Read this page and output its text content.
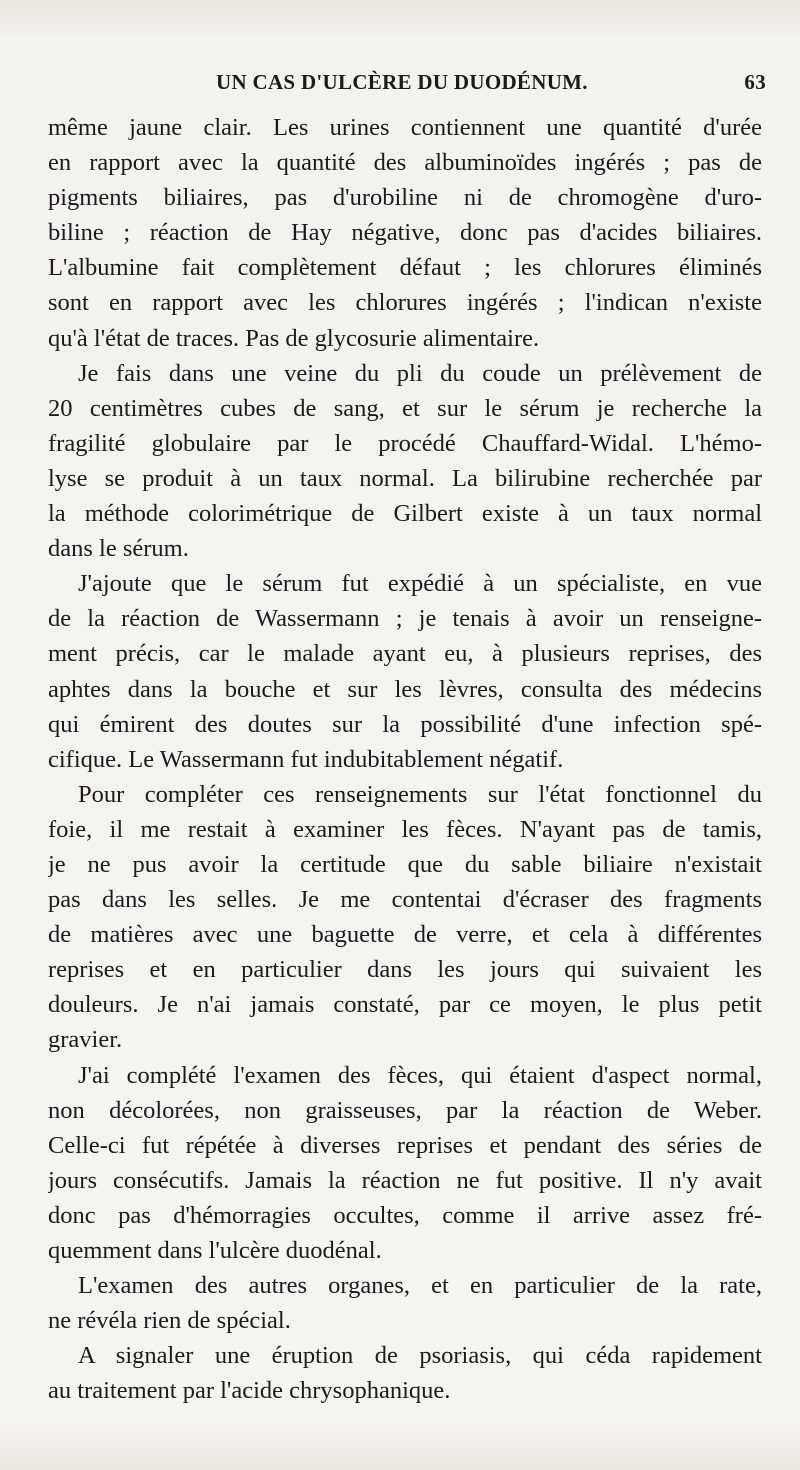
UN CAS D'ULCÈRE DU DUODÉNUM.	63
même jaune clair. Les urines contiennent une quantité d'urée
en rapport avec la quantité des albuminoïdes ingérés ; pas de
pigments biliaires, pas d'urobiline ni de chromogène d'uro-
biline ; réaction de Hay négative, donc pas d'acides biliaires.
L'albumine fait complètement défaut ; les chlorures éliminés
sont en rapport avec les chlorures ingérés ; l'indican n'existe
qu'à l'état de traces. Pas de glycosurie alimentaire.
Je fais dans une veine du pli du coude un prélèvement de
20 centimètres cubes de sang, et sur le sérum je recherche la
fragilité globulaire par le procédé Chauffard-Widal. L'hémo-
lyse se produit à un taux normal. La bilirubine recherchée par
la méthode colorimétrique de Gilbert existe à un taux normal
dans le sérum.
J'ajoute que le sérum fut expédié à un spécialiste, en vue
de la réaction de Wassermann ; je tenais à avoir un renseigne-
ment précis, car le malade ayant eu, à plusieurs reprises, des
aphtes dans la bouche et sur les lèvres, consulta des médecins
qui émirent des doutes sur la possibilité d'une infection spé-
cifique. Le Wassermann fut indubitablement négatif.
Pour compléter ces renseignements sur l'état fonctionnel du
foie, il me restait à examiner les fèces. N'ayant pas de tamis,
je ne pus avoir la certitude que du sable biliaire n'existait
pas dans les selles. Je me contentai d'écraser des fragments
de matières avec une baguette de verre, et cela à différentes
reprises et en particulier dans les jours qui suivaient les
douleurs. Je n'ai jamais constaté, par ce moyen, le plus petit
gravier.
J'ai complété l'examen des fèces, qui étaient d'aspect normal,
non décolorées, non graisseuses, par la réaction de Weber.
Celle-ci fut répétée à diverses reprises et pendant des séries de
jours consécutifs. Jamais la réaction ne fut positive. Il n'y avait
donc pas d'hémorragies occultes, comme il arrive assez fré-
quemment dans l'ulcère duodénal.
L'examen des autres organes, et en particulier de la rate,
ne révéla rien de spécial.
A signaler une éruption de psoriasis, qui céda rapidement
au traitement par l'acide chrysophanique.
